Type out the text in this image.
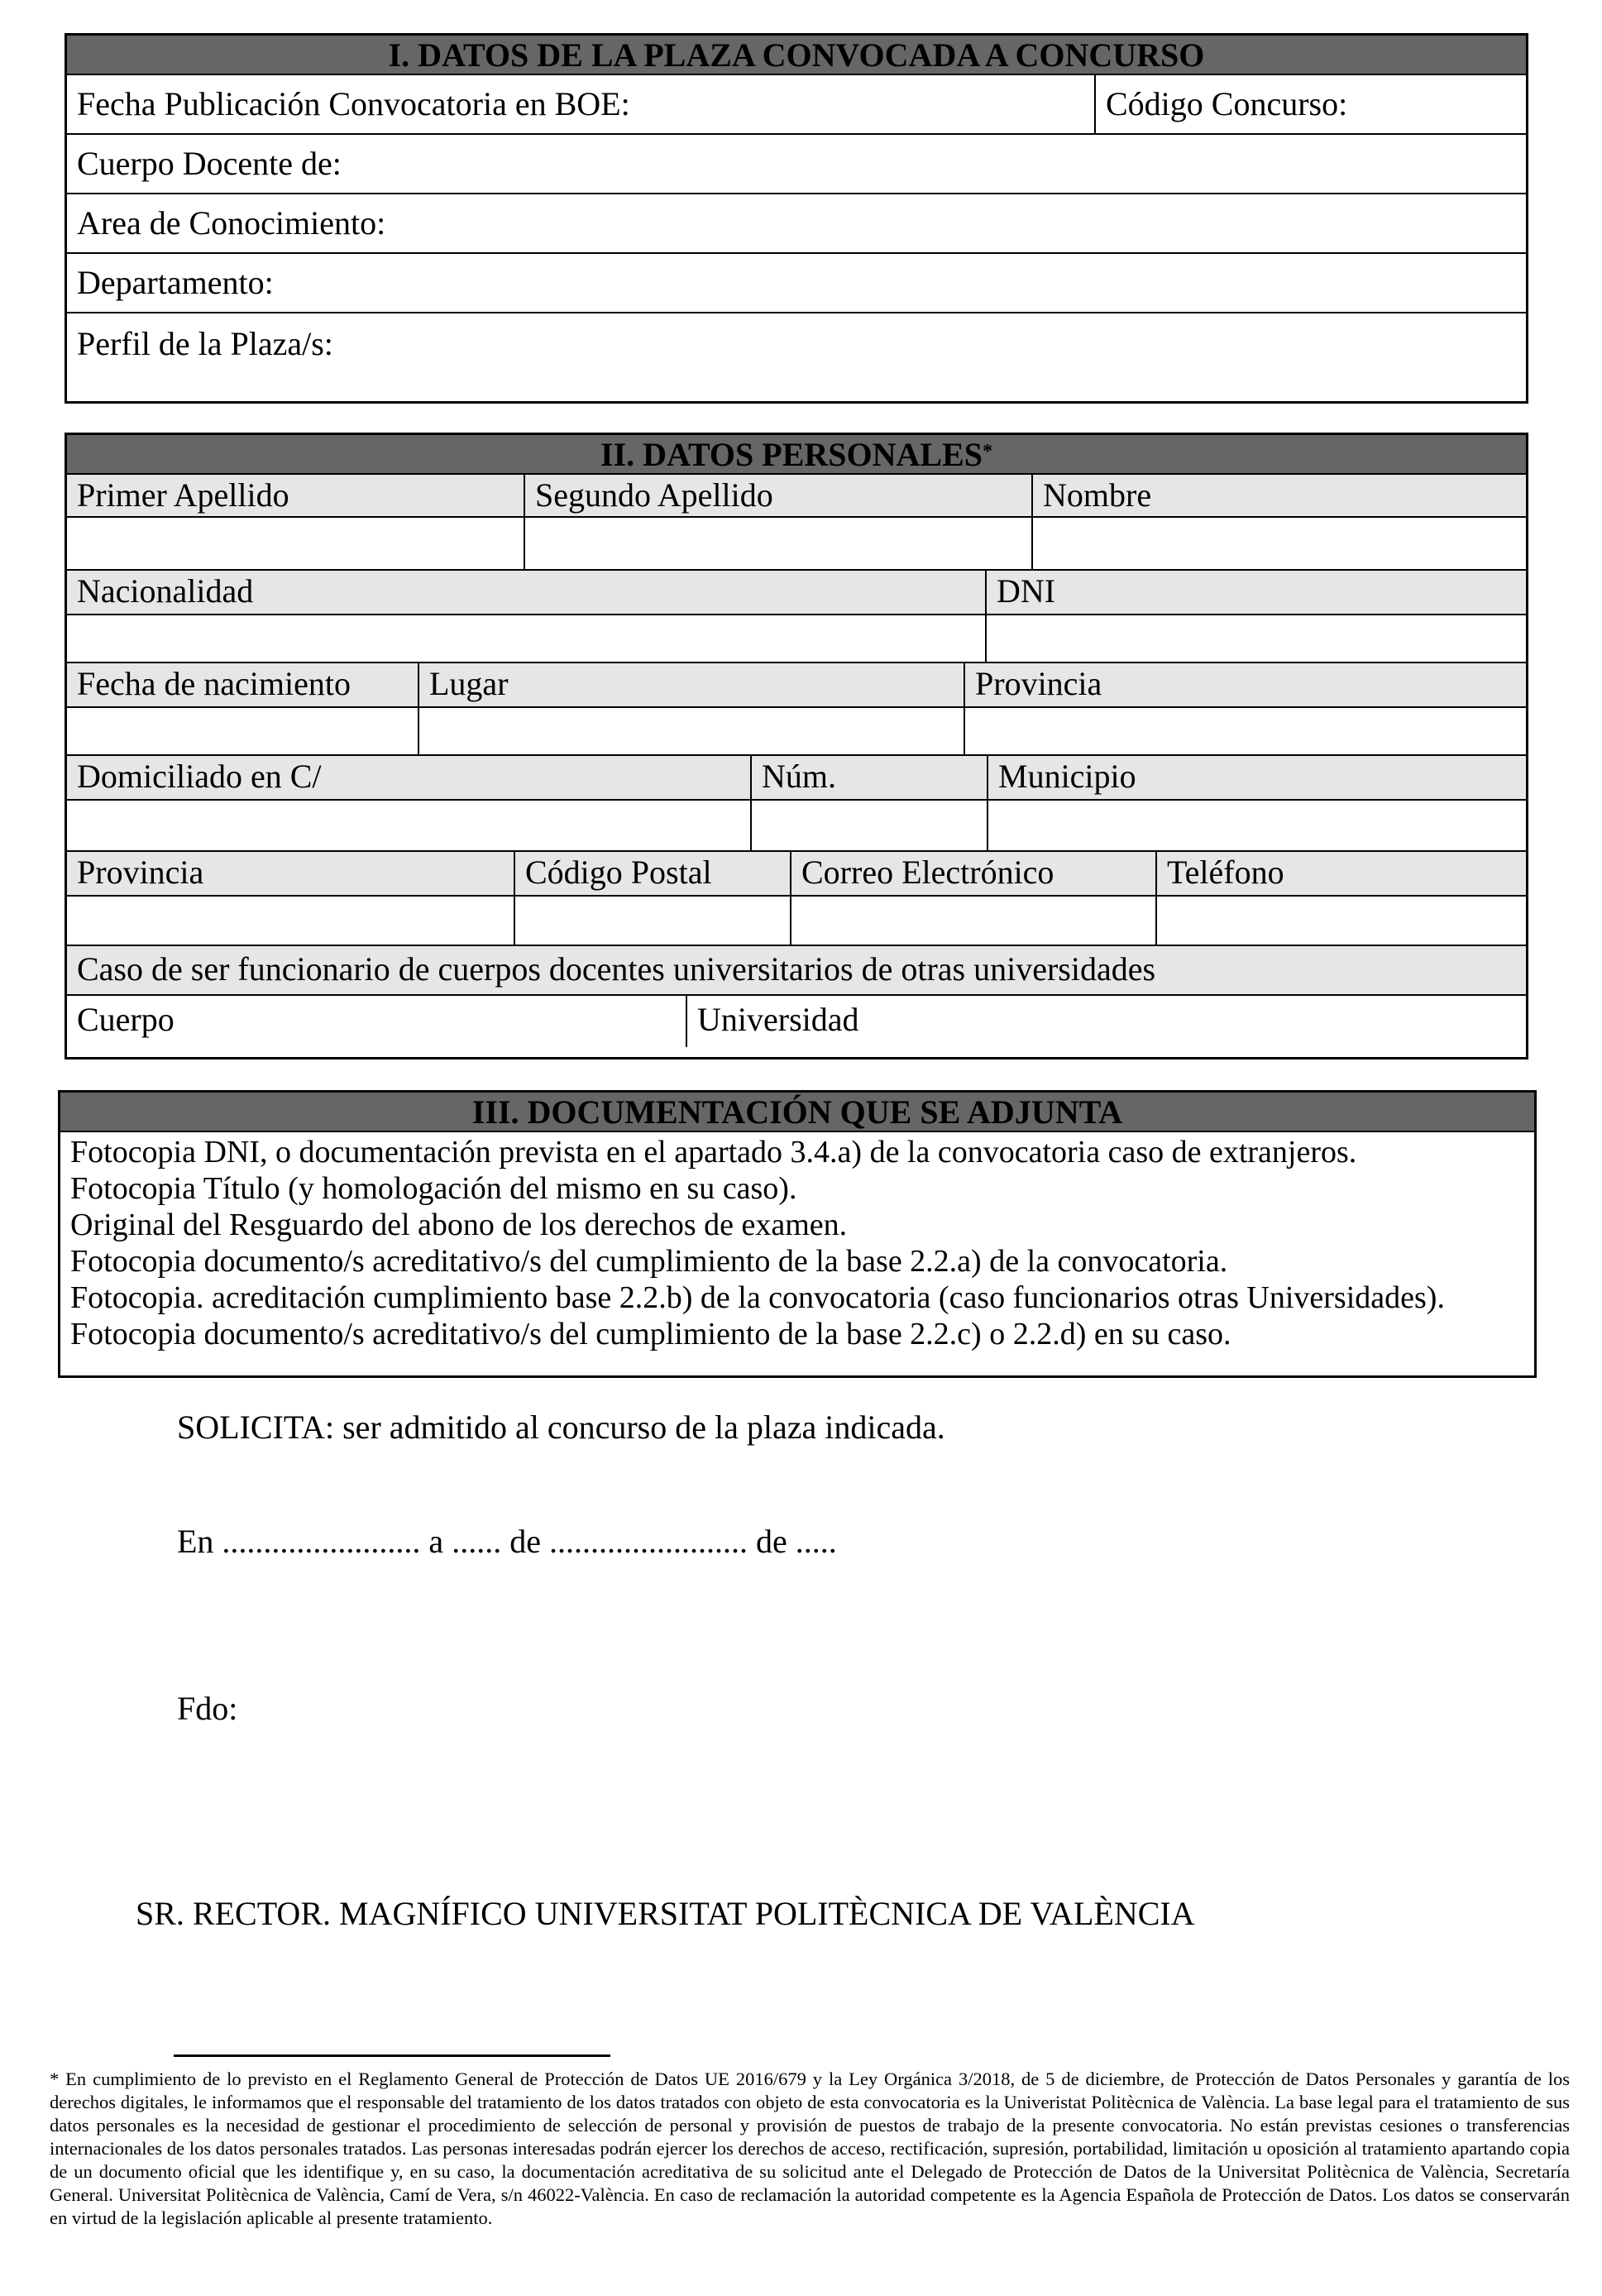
I. DATOS DE LA PLAZA CONVOCADA A CONCURSO
Fecha Publicación Convocatoria en BOE:	Código Concurso:
Cuerpo Docente de:
Area de Conocimiento:
Departamento:
Perfil de la Plaza/s:
II. DATOS PERSONALES*
Primer Apellido	Segundo Apellido	Nombre
Nacionalidad	DNI
Fecha de nacimiento	Lugar	Provincia
Domiciliado en C/	Núm.	Municipio
Provincia	Código Postal	Correo Electrónico	Teléfono
Caso de ser funcionario de cuerpos docentes universitarios de otras universidades
Cuerpo	Universidad
III. DOCUMENTACIÓN QUE SE ADJUNTA
Fotocopia DNI, o documentación prevista en el apartado 3.4.a) de la convocatoria caso de extranjeros.
Fotocopia Título (y homologación del mismo en su caso).
Original del Resguardo del abono de los derechos de examen.
Fotocopia documento/s acreditativo/s del cumplimiento de la base 2.2.a) de la convocatoria.
Fotocopia. acreditación cumplimiento base 2.2.b) de la convocatoria (caso funcionarios otras Universidades).
Fotocopia documento/s acreditativo/s del cumplimiento de la base 2.2.c) o 2.2.d) en su caso.
SOLICITA: ser admitido al concurso de la plaza indicada.
En ........................ a ...... de ........................ de .....
Fdo:
SR. RECTOR. MAGNÍFICO UNIVERSITAT POLITÈCNICA DE VALÈNCIA
* En cumplimiento de lo previsto en el Reglamento General de Protección de Datos UE 2016/679 y la Ley Orgánica 3/2018, de 5 de diciembre, de Protección de Datos Personales y garantía de los derechos digitales, le informamos que el responsable del tratamiento de los datos tratados con objeto de esta convocatoria es la Univeristat Politècnica de València. La base legal para el tratamiento de sus datos personales es la necesidad de gestionar el procedimiento de selección de personal y provisión de puestos de trabajo de la presente convocatoria. No están previstas cesiones o transferencias internacionales de los datos personales tratados. Las personas interesadas podrán ejercer los derechos de acceso, rectificación, supresión, portabilidad, limitación u oposición al tratamiento apartando copia de un documento oficial que les identifique y, en su caso, la documentación acreditativa de su solicitud ante el Delegado de Protección de Datos de la Universitat Politècnica de València, Secretaría General. Universitat Politècnica de València, Camí de Vera, s/n 46022-València. En caso de reclamación la autoridad competente es la Agencia Española de Protección de Datos. Los datos se conservarán en virtud de la legislación aplicable al presente tratamiento.
